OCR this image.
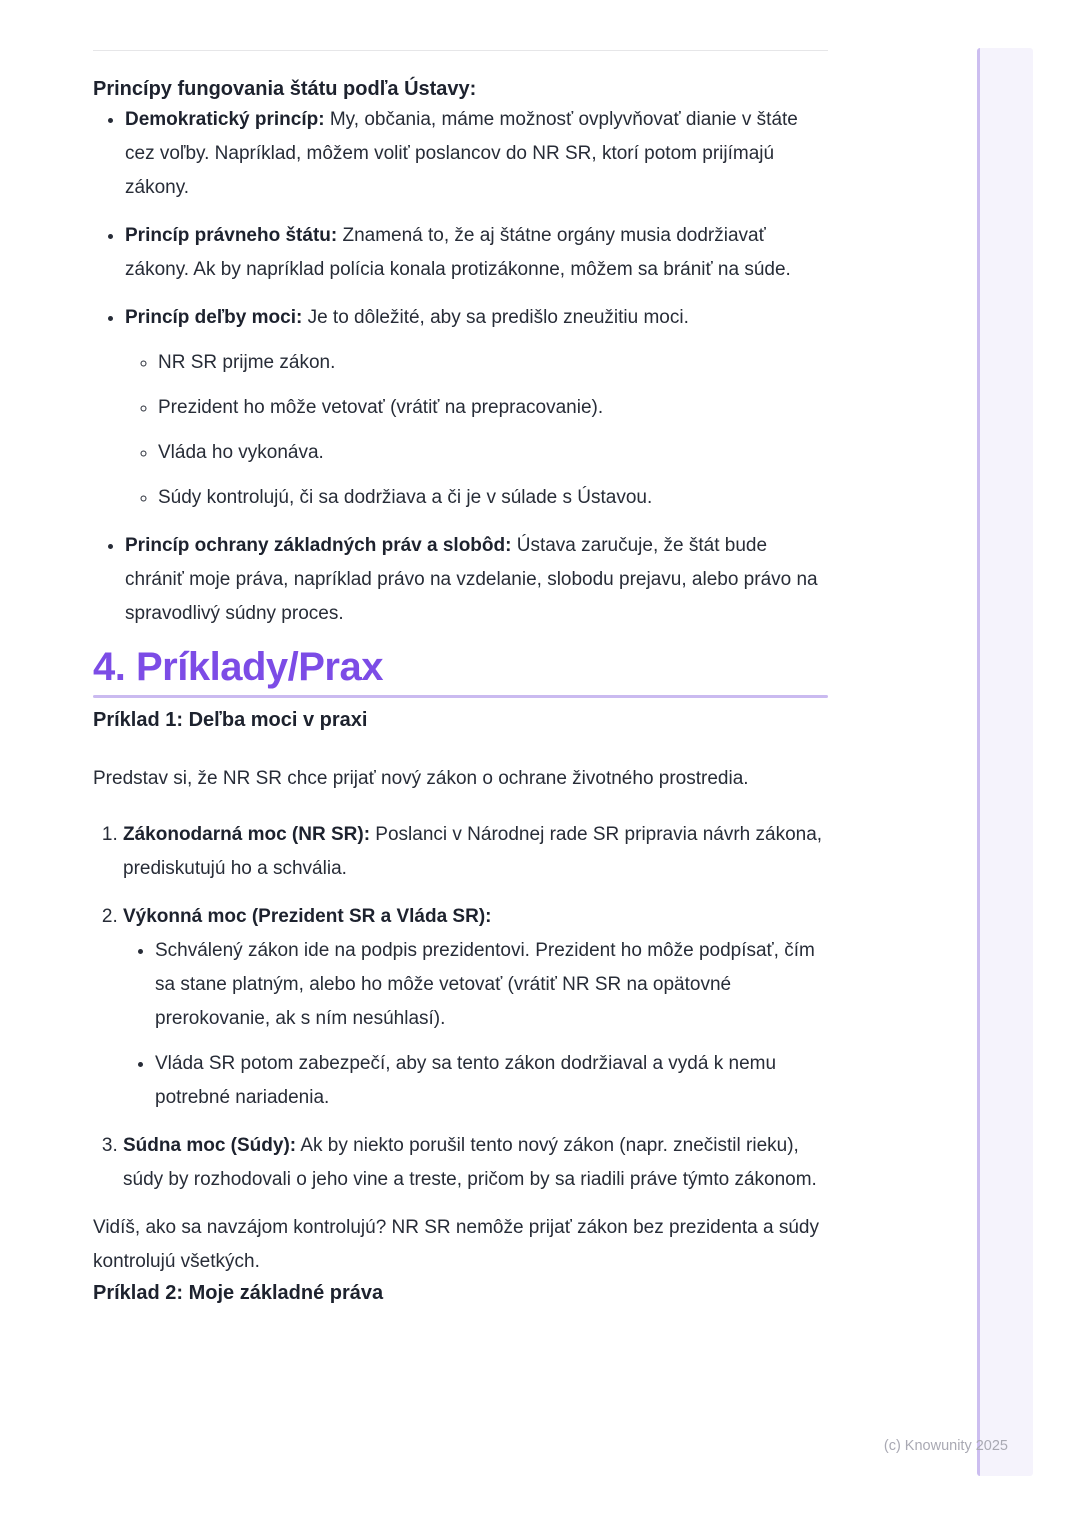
Princípy fungovania štátu podľa Ústavy:
• Demokratický princíp: My, občania, máme možnosť ovplyvňovať dianie v štáte cez voľby. Napríklad, môžem voliť poslancov do NR SR, ktorí potom prijímajú zákony.
• Princíp právneho štátu: Znamená to, že aj štátne orgány musia dodržiavať zákony. Ak by napríklad polícia konala protizákonne, môžem sa brániť na súde.
• Princíp deľby moci: Je to dôležité, aby sa predišlo zneužitiu moci.
◦ NR SR prijme zákon.
◦ Prezident ho môže vetovať (vrátiť na prepracovanie).
◦ Vláda ho vykonáva.
◦ Súdy kontrolujú, či sa dodržiava a či je v súlade s Ústavou.
• Princíp ochrany základných práv a slobôd: Ústava zaručuje, že štát bude chrániť moje práva, napríklad právo na vzdelanie, slobodu prejavu, alebo právo na spravodlivý súdny proces.
4. Príklady/Prax
Príklad 1: Deľba moci v praxi

Predstav si, že NR SR chce prijať nový zákon o ochrane životného prostredia.

1. Zákonodarná moc (NR SR): Poslanci v Národnej rade SR pripravia návrh zákona, prediskutujú ho a schvália.
2. Výkonná moc (Prezident SR a Vláda SR):
• Schválený zákon ide na podpis prezidentovi. Prezident ho môže podpísať, čím sa stane platným, alebo ho môže vetovať (vrátiť NR SR na opätovné prerokovanie, ak s ním nesúhlasí).
• Vláda SR potom zabezpečí, aby sa tento zákon dodržiaval a vydá k nemu potrebné nariadenia.
3. Súdna moc (Súdy): Ak by niekto porušil tento nový zákon (napr. znečistil rieku), súdy by rozhodovali o jeho vine a treste, pričom by sa riadili práve týmto zákonom.

Vidíš, ako sa navzájom kontrolujú? NR SR nemôže prijať zákon bez prezidenta a súdy kontrolujú všetkých.

Príklad 2: Moje základné práva
(c) Knowunity 2025
